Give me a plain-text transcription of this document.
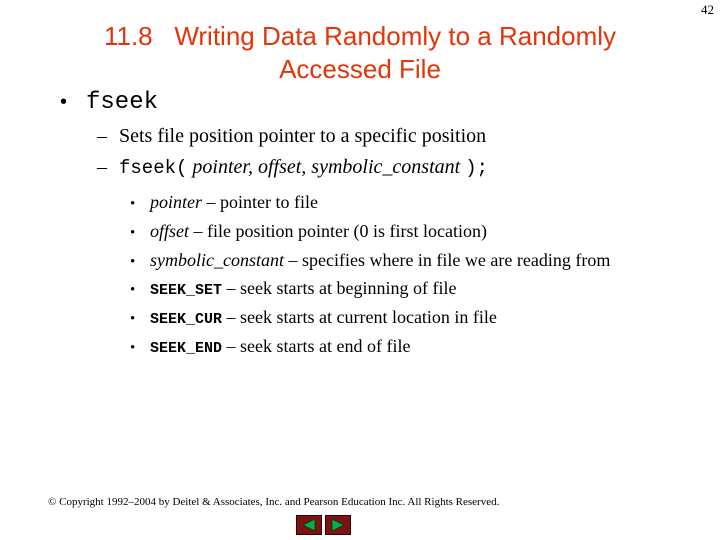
42
11.8   Writing Data Randomly to a Randomly
Accessed File
• fseek
– Sets file position pointer to a specific position
– fseek( pointer, offset, symbolic_constant );
• pointer – pointer to file
• offset – file position pointer (0 is first location)
• symbolic_constant – specifies where in file we are reading from
• SEEK_SET – seek starts at beginning of file
• SEEK_CUR – seek starts at current location in file
• SEEK_END – seek starts at end of file
© Copyright 1992–2004 by Deitel & Associates, Inc. and Pearson Education Inc. All Rights Reserved.
